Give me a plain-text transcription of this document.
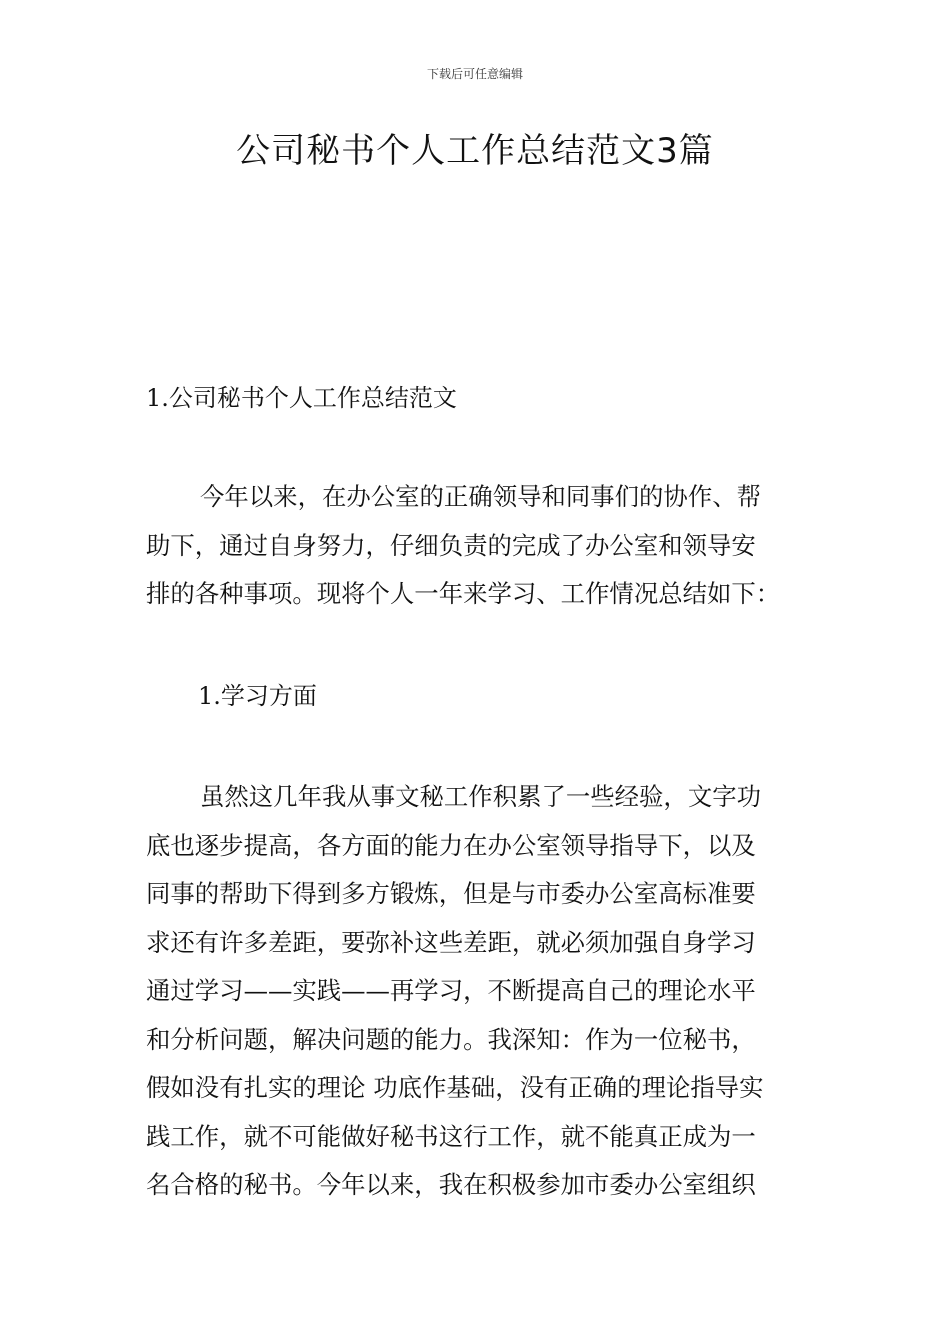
下载后可任意编辑
公司秘书个人工作总结范文3篇
1.公司秘书个人工作总结范文

今年以来，在办公室的正确领导和同事们的协作、帮
助下，通过自身努力，仔细负责的完成了办公室和领导安
排的各种事项。现将个人一年来学习、工作情况总结如下：

1.学习方面

虽然这几年我从事文秘工作积累了一些经验，文字功
底也逐步提高，各方面的能力在办公室领导指导下，以及
同事的帮助下得到多方锻炼，但是与市委办公室高标准要
求还有许多差距，要弥补这些差距，就必须加强自身学习
通过学习——实践——再学习，不断提高自己的理论水平
和分析问题，解决问题的能力。我深知：作为一位秘书，
假如没有扎实的理论 功底作基础，没有正确的理论指导实
践工作，就不可能做好秘书这行工作，就不能真正成为一
名合格的秘书。今年以来，我在积极参加市委办公室组织
